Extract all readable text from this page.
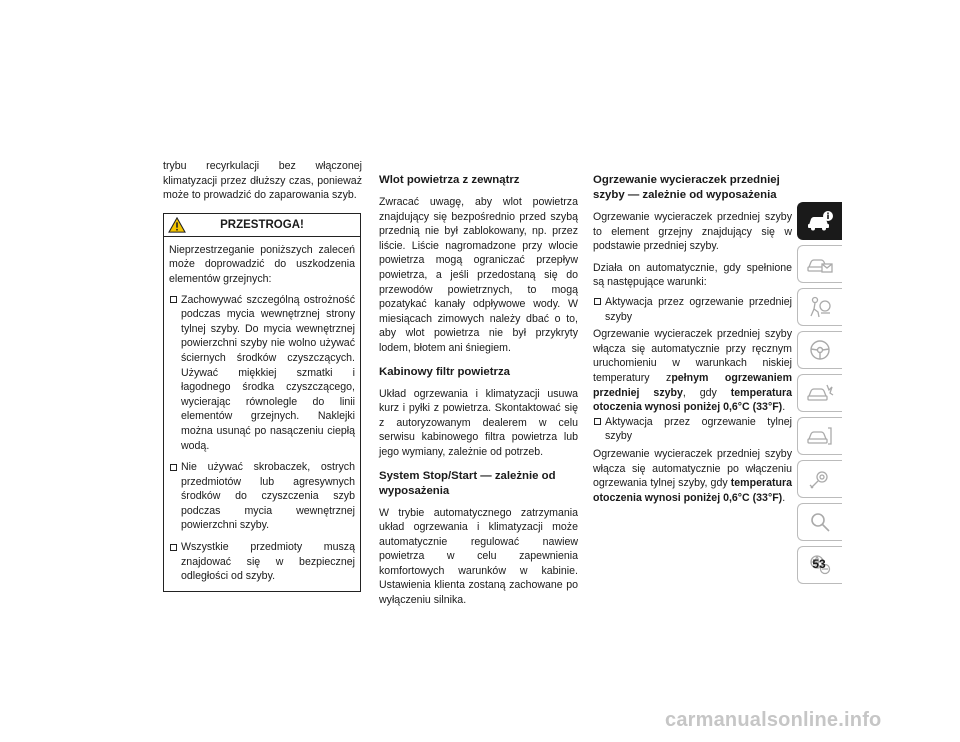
trybu recyrkulacji bez włączonej klimatyzacji przez dłuższy czas, ponieważ może to prowadzić do zaparowania szyb.

PRZESTROGA!

Nieprzestrzeganie poniższych zaleceń może doprowadzić do uszkodzenia elementów grzejnych:

Zachowywać szczególną ostrożność podczas mycia wewnętrznej strony tylnej szyby. Do mycia wewnętrznej powierzchni szyby nie wolno używać ściernych środków czyszczących. Używać miękkiej szmatki i łagodnego środka czyszczącego, wycierając równolegle do linii elementów grzejnych. Naklejki można usunąć po nasączeniu ciepłą wodą.
Nie używać skrobaczek, ostrych przedmiotów lub agresywnych środków do czyszczenia szyb podczas mycia wewnętrznej powierzchni szyby.
Wszystkie przedmioty muszą znajdować się w bezpiecznej odległości od szyby.
Wlot powietrza z zewnątrz

Zwracać uwagę, aby wlot powietrza znajdujący się bezpośrednio przed szybą przednią nie był zablokowany, np. przez liście. Liście nagromadzone przy wlocie powietrza mogą ograniczać przepływ powietrza, a jeśli przedostaną się do przewodów powietrznych, to mogą pozatykać kanały odpływowe wody. W miesiącach zimowych należy dbać o to, aby wlot powietrza nie był przykryty lodem, błotem ani śniegiem.

Kabinowy filtr powietrza

Układ ogrzewania i klimatyzacji usuwa kurz i pyłki z powietrza. Skontaktować się z autoryzowanym dealerem w celu serwisu kabinowego filtra powietrza lub jego wymiany, zależnie od potrzeb.

System Stop/Start — zależnie od wyposażenia

W trybie automatycznego zatrzymania układ ogrzewania i klimatyzacji może automatycznie regulować nawiew powietrza w celu zapewnienia komfortowych warunków w kabinie. Ustawienia klienta zostaną zachowane po wyłączeniu silnika.

Ogrzewanie wycieraczek przedniej szyby — zależnie od wyposażenia

Ogrzewanie wycieraczek przedniej szyby to element grzejny znajdujący się w podstawie przedniej szyby.

Działa on automatycznie, gdy spełnione są następujące warunki:

Aktywacja przez ogrzewanie przedniej szyby

Ogrzewanie wycieraczek przedniej szyby włącza się automatycznie przy ręcznym uruchomieniu w warunkach niskiej temperatury zpełnym ogrzewaniem przedniej szyby, gdy temperatura otoczenia wynosi poniżej 0,6°C (33°F).

Aktywacja przez ogrzewanie tylnej szyby

Ogrzewanie wycieraczek przedniej szyby włącza się automatycznie po włączeniu ogrzewania tylnej szyby, gdy temperatura otoczenia wynosi poniżej 0,6°C (33°F).

53
carmanualsonline.info
